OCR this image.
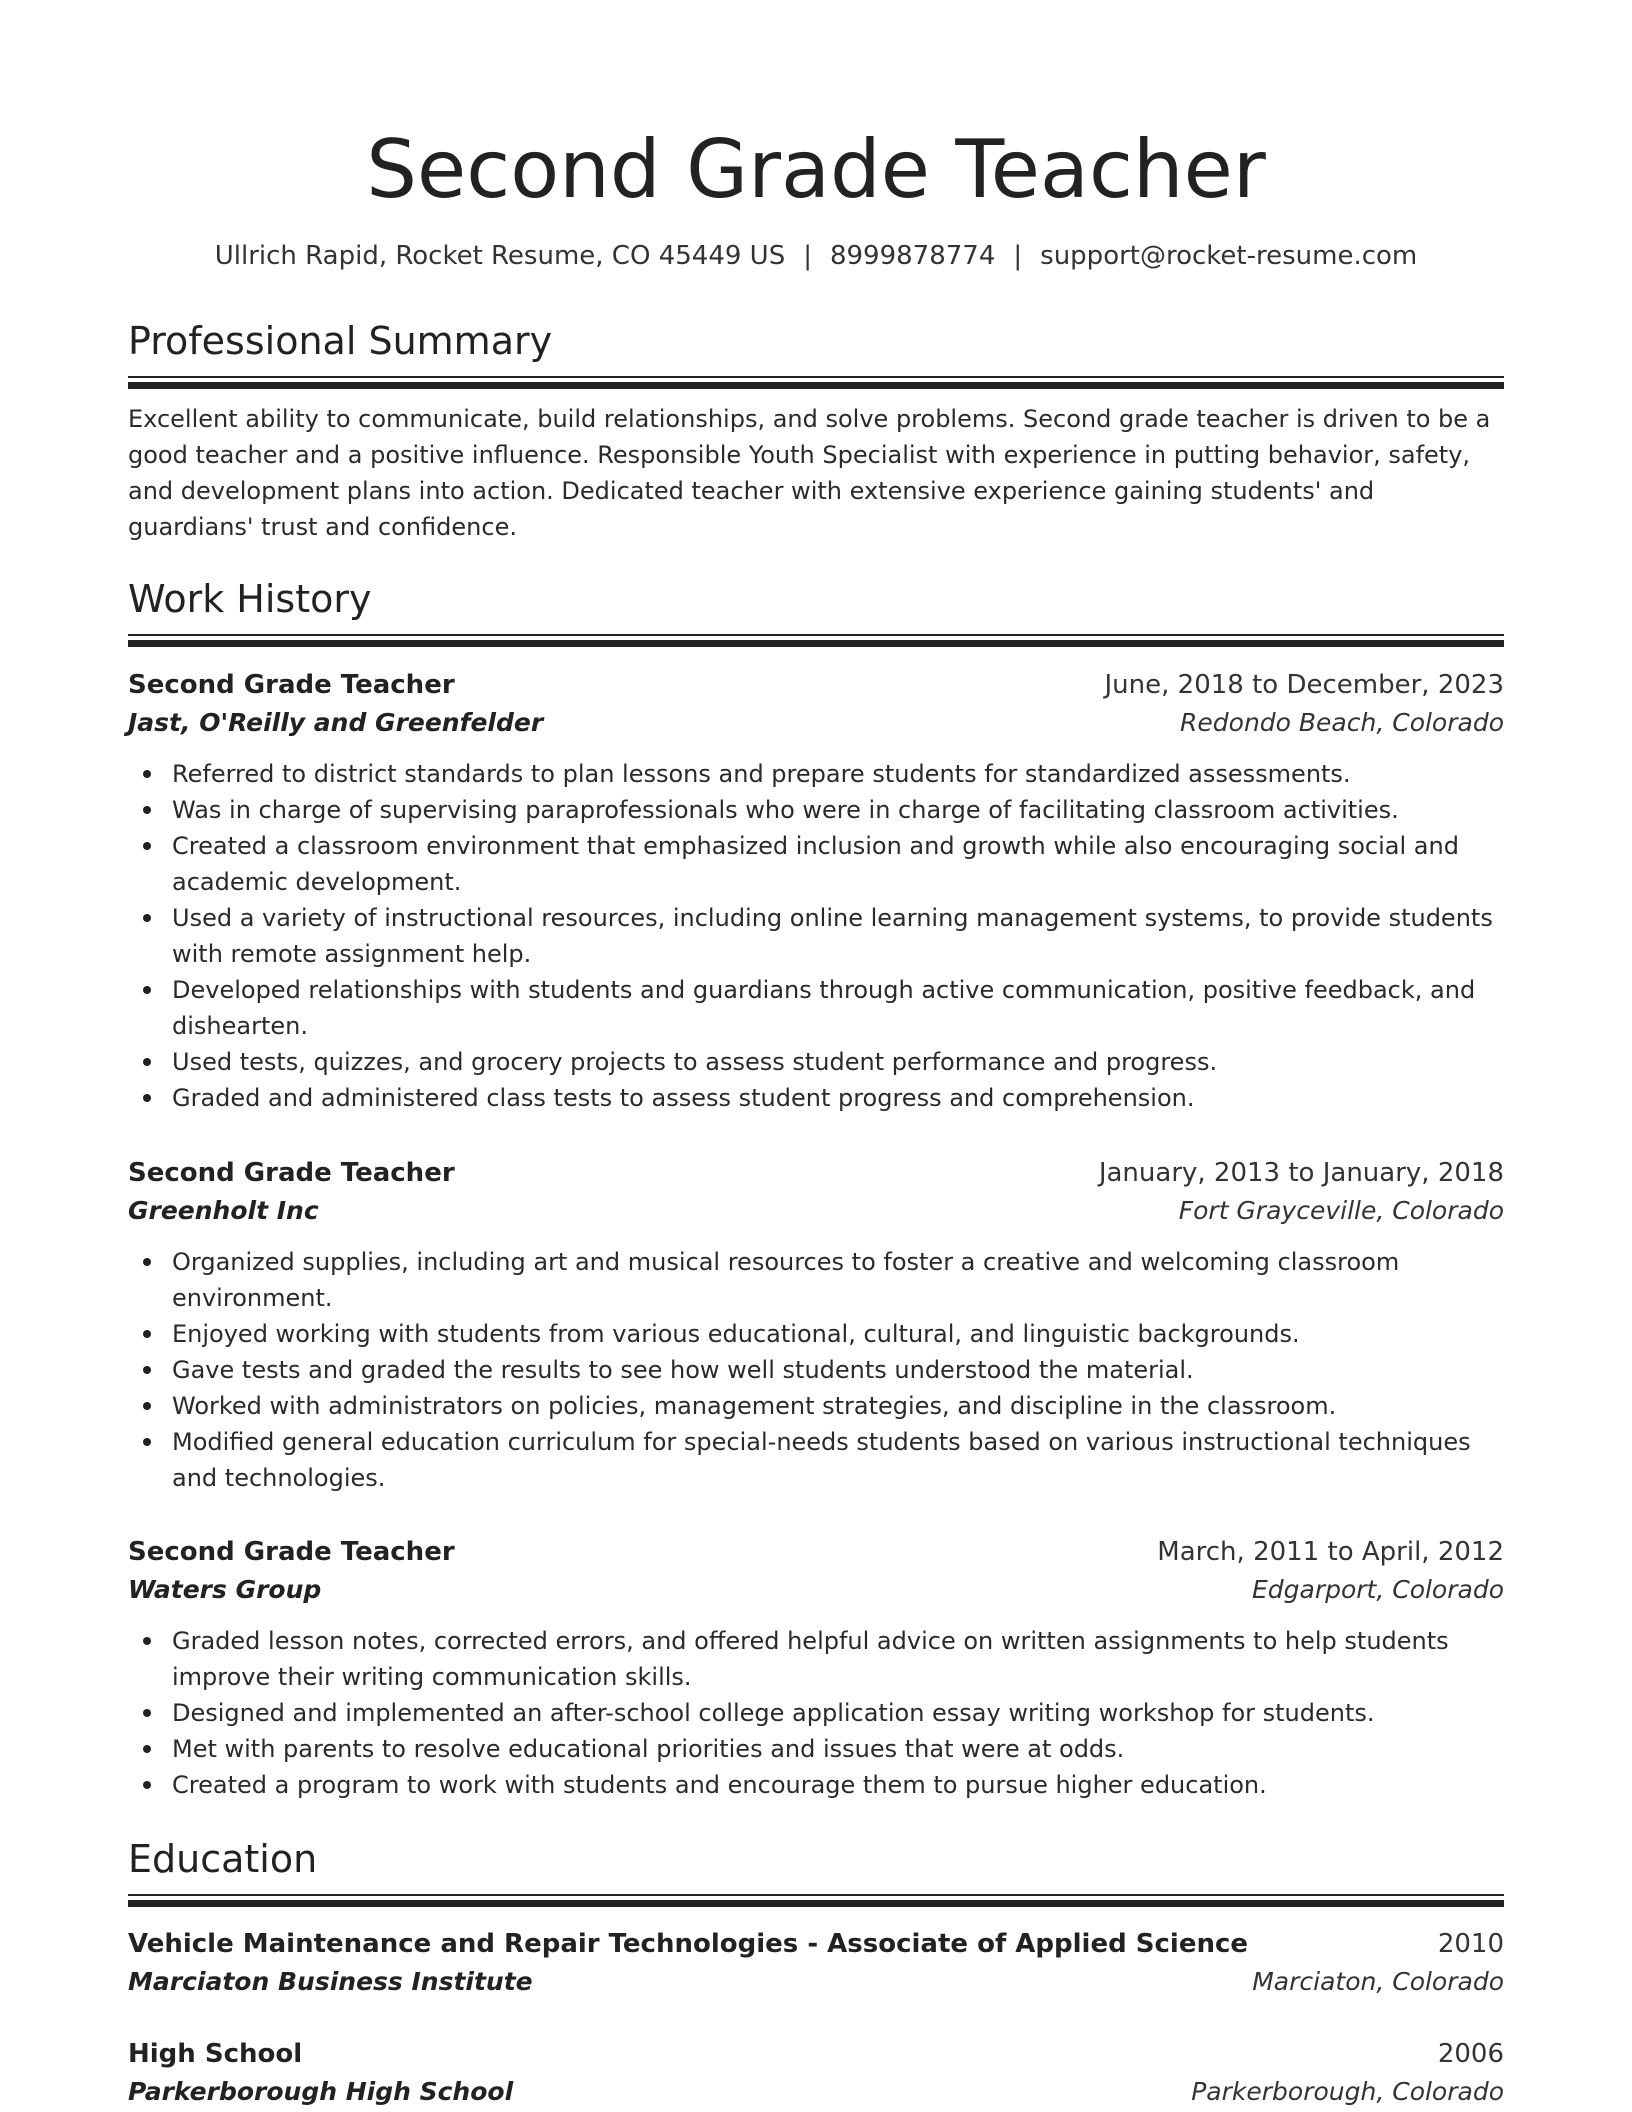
Second Grade Teacher
Ullrich Rapid, Rocket Resume, CO 45449 US | 8999878774 | support@rocket-resume.com
Professional Summary

Excellent ability to communicate, build relationships, and solve problems. Second grade teacher is driven to be a good teacher and a positive influence. Responsible Youth Specialist with experience in putting behavior, safety, and development plans into action. Dedicated teacher with extensive experience gaining students' and guardians' trust and confidence.

Work History
Second Grade Teacher	June, 2018 to December, 2023
Jast, O'Reilly and Greenfelder	Redondo Beach, Colorado
Referred to district standards to plan lessons and prepare students for standardized assessments.
Was in charge of supervising paraprofessionals who were in charge of facilitating classroom activities.
Created a classroom environment that emphasized inclusion and growth while also encouraging social and academic development.
Used a variety of instructional resources, including online learning management systems, to provide students with remote assignment help.
Developed relationships with students and guardians through active communication, positive feedback, and dishearten.
Used tests, quizzes, and grocery projects to assess student performance and progress.
Graded and administered class tests to assess student progress and comprehension.
Second Grade Teacher	January, 2013 to January, 2018
Greenholt Inc	Fort Grayceville, Colorado
Organized supplies, including art and musical resources to foster a creative and welcoming classroom environment.
Enjoyed working with students from various educational, cultural, and linguistic backgrounds.
Gave tests and graded the results to see how well students understood the material.
Worked with administrators on policies, management strategies, and discipline in the classroom.
Modified general education curriculum for special-needs students based on various instructional techniques and technologies.
Second Grade Teacher	March, 2011 to April, 2012
Waters Group	Edgarport, Colorado
Graded lesson notes, corrected errors, and offered helpful advice on written assignments to help students improve their writing communication skills.
Designed and implemented an after-school college application essay writing workshop for students.
Met with parents to resolve educational priorities and issues that were at odds.
Created a program to work with students and encourage them to pursue higher education.
Education
Vehicle Maintenance and Repair Technologies - Associate of Applied Science	2010
Marciaton Business Institute	Marciaton, Colorado
High School	2006
Parkerborough High School	Parkerborough, Colorado
